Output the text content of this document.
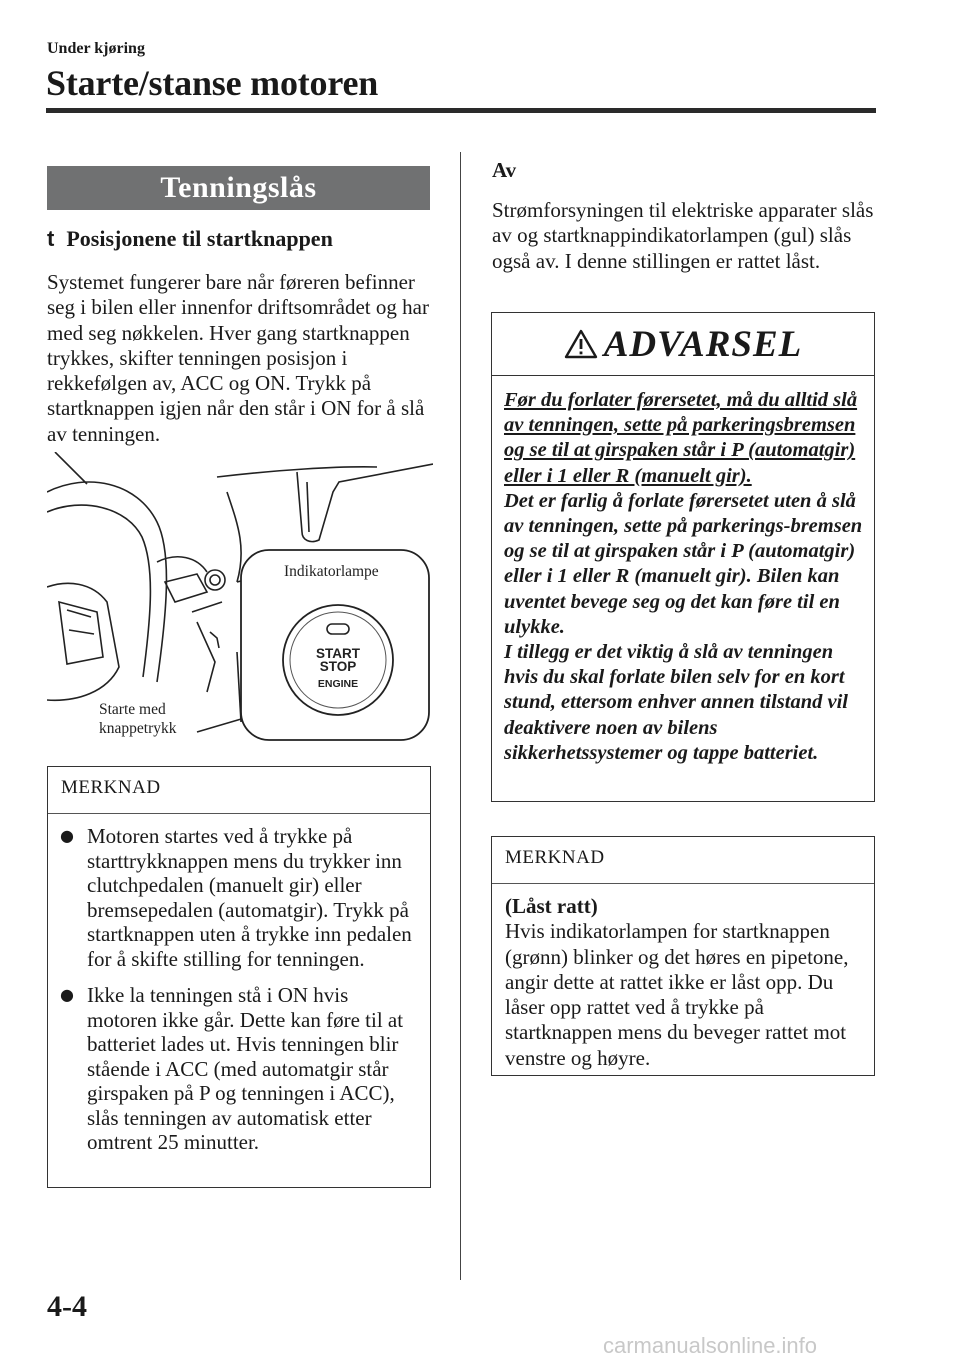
Under kjøring
Starte/stanse motoren
Tenningslås
t Posisjonene til startknappen

Systemet fungerer bare når føreren befinner seg i bilen eller innenfor driftsområdet og har med seg nøkkelen. Hver gang startknappen trykkes, skifter tenningen posisjon i rekkefølgen av, ACC og ON. Trykk på startknappen igjen når den står i ON for å slå av tenningen.

START
STOP
ENGINE
Indikatorlampe
Starte med
knappetrykk
MERKNAD
● Motoren startes ved å trykke på starttrykknappen mens du trykker inn clutchpedalen (manuelt gir) eller bremsepedalen (automatgir). Trykk på startknappen uten å trykke inn pedalen for å skifte stilling for tenningen.
● Ikke la tenningen stå i ON hvis motoren ikke går. Dette kan føre til at batteriet lades ut. Hvis tenningen blir stående i ACC (med automatgir står girspaken på P og tenningen i ACC), slås tenningen av automatisk etter omtrent 25 minutter.
Av

Strømforsyningen til elektriske apparater slås av og startknappindikatorlampen (gul) slås også av. I denne stillingen er rattet låst.

ADVARSEL
Før du forlater førersetet, må du alltid slå av tenningen, sette på parkeringsbremsen og se til at girspaken står i P (automatgir) eller i 1 eller R (manuelt gir).
Det er farlig å forlate førersetet uten å slå av tenningen, sette på parkerings-bremsen og se til at girspaken står i P (automatgir) eller i 1 eller R (manuelt gir). Bilen kan uventet bevege seg og det kan føre til en ulykke.
I tillegg er det viktig å slå av tenningen hvis du skal forlate bilen selv for en kort stund, ettersom enhver annen tilstand vil deaktivere noen av bilens sikkerhetssystemer og tappe batteriet.
MERKNAD
(Låst ratt)
Hvis indikatorlampen for startknappen (grønn) blinker og det høres en pipetone, angir dette at rattet ikke er låst opp. Du låser opp rattet ved å trykke på startknappen mens du beveger rattet mot venstre og høyre.
4-4
carmanualsonline.info
